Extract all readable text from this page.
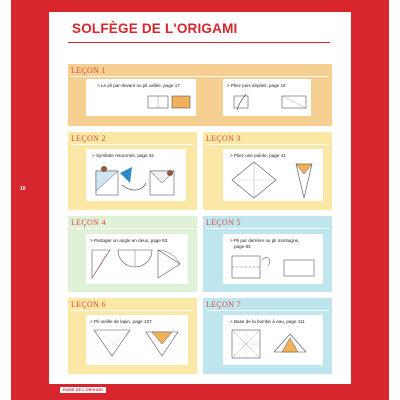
10
FAIRE DE L'ORIGAMI
SOLFÈGE DE L'ORIGAMI
LEÇON 1
> Le pli par-devant ou pli vallée, page 17	> Pliez puis dépliez, page 18
LEÇON 2
> Symbole retournée, page 32
LEÇON 3
> Pliez une pointe, page 41
LEÇON 4
> Partager un angle en deux, page 83
LEÇON 5
> Pli par derrière ou pli montagne,
page 83
LEÇON 6
> Pli oreille de lapin, page 107
LEÇON 7
> Base de la bombe à eau, page 111
